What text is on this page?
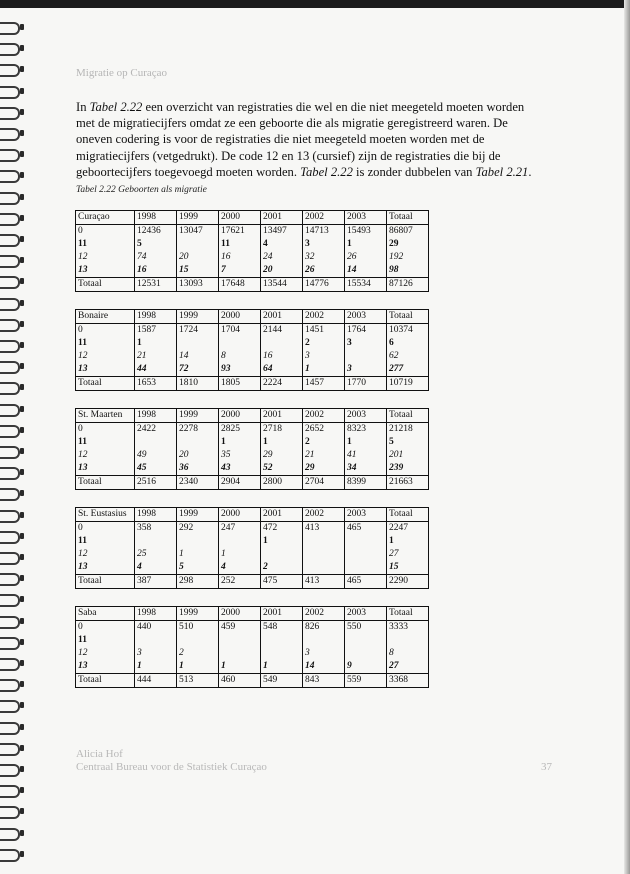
Migratie op Curaçao
In Tabel 2.22 een overzicht van registraties die wel en die niet meegeteld moeten worden met de migratiecijfers omdat ze een geboorte die als migratie geregistreerd waren. De oneven codering is voor de registraties die niet meegeteld moeten worden met de migratiecijfers (vetgedrukt). De code 12 en 13 (cursief) zijn de registraties die bij de geboortecijfers toegevoegd moeten worden. Tabel 2.22 is zonder dubbelen van Tabel 2.21.
Tabel 2.22 Geboorten als migratie
Curaçao	1998	1999	2000	2001	2002	2003	Totaal
0	12436	13047	17621	13497	14713	15493	86807
11	5		11	4	3	1	29
12	74	20	16	24	32	26	192
13	16	15	7	20	26	14	98
Totaal	12531	13093	17648	13544	14776	15534	87126
Bonaire	1998	1999	2000	2001	2002	2003	Totaal
0	1587	1724	1704	2144	1451	1764	10374
11	1				2	3	6
12	21	14	8	16	3		62
13	44	72	93	64	1	3	277
Totaal	1653	1810	1805	2224	1457	1770	10719
St. Maarten	1998	1999	2000	2001	2002	2003	Totaal
0	2422	2278	2825	2718	2652	8323	21218
11			1	1	2	1	5
12	49	20	35	29	21	41	201
13	45	36	43	52	29	34	239
Totaal	2516	2340	2904	2800	2704	8399	21663
St. Eustasius	1998	1999	2000	2001	2002	2003	Totaal
0	358	292	247	472	413	465	2247
11				1			1
12	25	1	1				27
13	4	5	4	2			15
Totaal	387	298	252	475	413	465	2290
Saba	1998	1999	2000	2001	2002	2003	Totaal
0	440	510	459	548	826	550	3333
11							
12	3	2			3		8
13	1	1	1	1	14	9	27
Totaal	444	513	460	549	843	559	3368
Alicia Hof
Centraal Bureau voor de Statistiek Curaçao	37
